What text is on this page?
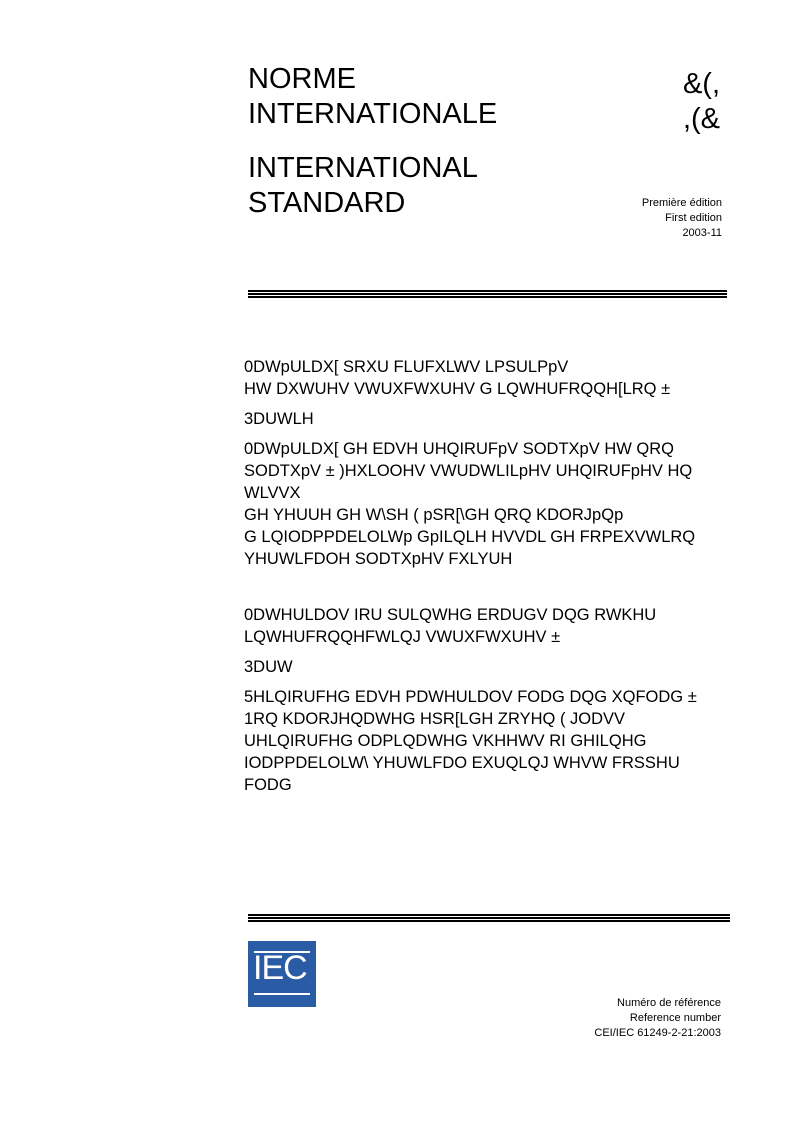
NORME
INTERNATIONALE
INTERNATIONAL
STANDARD
&(,
,(&
Première édition
First edition
2003-11
0DWpULDX[ SRXU FLUFXLWV LPSULPpV
HW DXWUHV VWUXFWXUHV G LQWHUFRQQH[LRQ ±
3DUWLH
0DWpULDX[ GH EDVH UHQIRUFpV SODTXpV HW QRQ
SODTXpV ± )HXLOOHV VWUDWLILpHV UHQIRUFpHV HQ
WLVVX
GH YHUUH GH W\SH ( pSR[\GH QRQ KDORJpQp
G LQIODPPDELOLWp GpILQLH HVVDL GH FRPEXVWLRQ
YHUWLFDOH SODTXpHV FXLYUH
0DWHULDOV IRU SULQWHG ERDUGV DQG RWKHU
LQWHUFRQQHFWLQJ VWUXFWXUHV ±
3DUW
5HLQIRUFHG EDVH PDWHULDOV FODG DQG XQFODG ±
1RQ KDORJHQDWHG HSR[LGH ZRYHQ ( JODVV
UHLQIRUFHG ODPLQDWHG VKHHWV RI GHILQHG
IODPPDELOLW\ YHUWLFDO EXUQLQJ WHVW FRSSHU
FODG
IEC
Numéro de référence
Reference number
CEI/IEC 61249-2-21:2003
